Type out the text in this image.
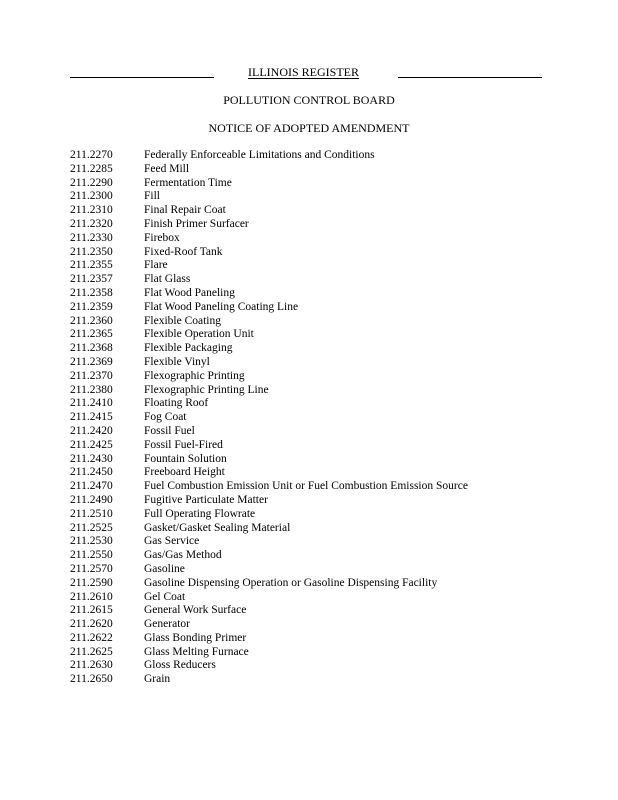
ILLINOIS REGISTER
POLLUTION CONTROL BOARD
NOTICE OF ADOPTED AMENDMENT
211.2270	Federally Enforceable Limitations and Conditions
211.2285	Feed Mill
211.2290	Fermentation Time
211.2300	Fill
211.2310	Final Repair Coat
211.2320	Finish Primer Surfacer
211.2330	Firebox
211.2350	Fixed-Roof Tank
211.2355	Flare
211.2357	Flat Glass
211.2358	Flat Wood Paneling
211.2359	Flat Wood Paneling Coating Line
211.2360	Flexible Coating
211.2365	Flexible Operation Unit
211.2368	Flexible Packaging
211.2369	Flexible Vinyl
211.2370	Flexographic Printing
211.2380	Flexographic Printing Line
211.2410	Floating Roof
211.2415	Fog Coat
211.2420	Fossil Fuel
211.2425	Fossil Fuel-Fired
211.2430	Fountain Solution
211.2450	Freeboard Height
211.2470	Fuel Combustion Emission Unit or Fuel Combustion Emission Source
211.2490	Fugitive Particulate Matter
211.2510	Full Operating Flowrate
211.2525	Gasket/Gasket Sealing Material
211.2530	Gas Service
211.2550	Gas/Gas Method
211.2570	Gasoline
211.2590	Gasoline Dispensing Operation or Gasoline Dispensing Facility
211.2610	Gel Coat
211.2615	General Work Surface
211.2620	Generator
211.2622	Glass Bonding Primer
211.2625	Glass Melting Furnace
211.2630	Gloss Reducers
211.2650	Grain
